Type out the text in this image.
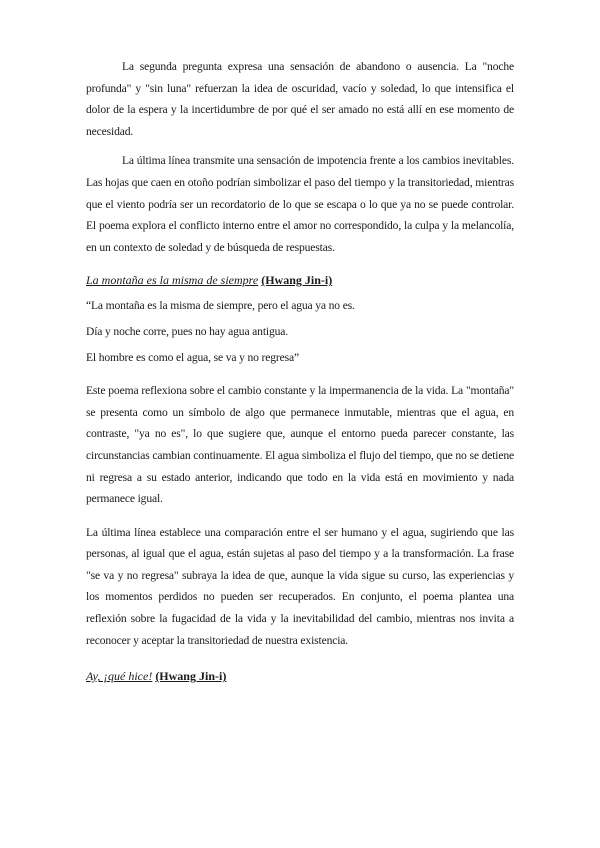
La segunda pregunta expresa una sensación de abandono o ausencia. La "noche profunda" y "sin luna" refuerzan la idea de oscuridad, vacío y soledad, lo que intensifica el dolor de la espera y la incertidumbre de por qué el ser amado no está allí en ese momento de necesidad.

La última línea transmite una sensación de impotencia frente a los cambios inevitables. Las hojas que caen en otoño podrían simbolizar el paso del tiempo y la transitoriedad, mientras que el viento podría ser un recordatorio de lo que se escapa o lo que ya no se puede controlar. El poema explora el conflicto interno entre el amor no correspondido, la culpa y la melancolía, en un contexto de soledad y de búsqueda de respuestas.

La montaña es la misma de siempre (Hwang Jin-i)

“La montaña es la misma de siempre, pero el agua ya no es.

Día y noche corre, pues no hay agua antigua.

El hombre es como el agua, se va y no regresa”

Este poema reflexiona sobre el cambio constante y la impermanencia de la vida. La "montaña" se presenta como un símbolo de algo que permanece inmutable, mientras que el agua, en contraste, "ya no es", lo que sugiere que, aunque el entorno pueda parecer constante, las circunstancias cambian continuamente. El agua simboliza el flujo del tiempo, que no se detiene ni regresa a su estado anterior, indicando que todo en la vida está en movimiento y nada permanece igual.

La última línea establece una comparación entre el ser humano y el agua, sugiriendo que las personas, al igual que el agua, están sujetas al paso del tiempo y a la transformación. La frase "se va y no regresa" subraya la idea de que, aunque la vida sigue su curso, las experiencias y los momentos perdidos no pueden ser recuperados. En conjunto, el poema plantea una reflexión sobre la fugacidad de la vida y la inevitabilidad del cambio, mientras nos invita a reconocer y aceptar la transitoriedad de nuestra existencia.

Ay, ¡qué hice! (Hwang Jin-i)
